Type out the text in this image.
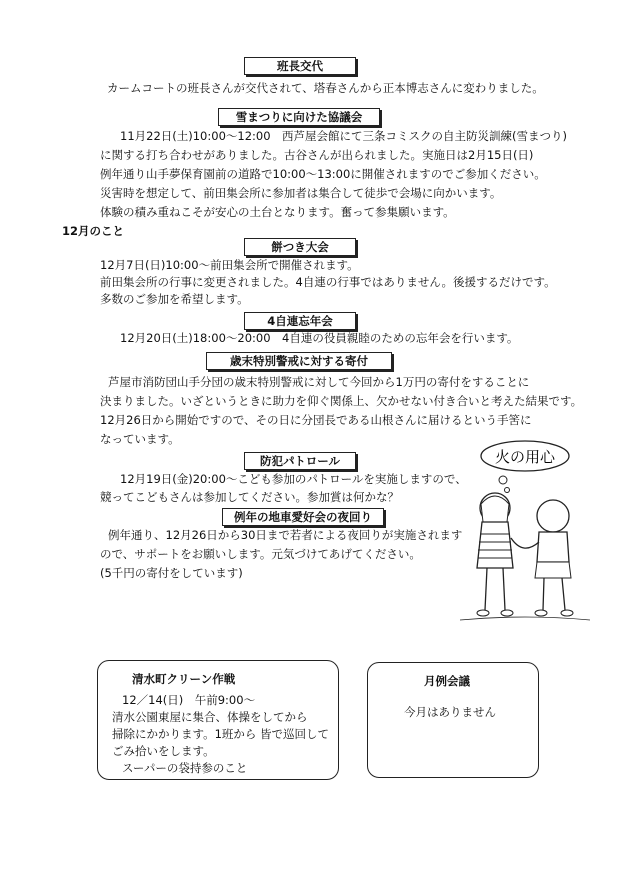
班長交代
カームコートの班長さんが交代されて、塔春さんから正本博志さんに変わりました。
雪まつりに向けた協議会
11月22日(土)10:00～12:00　西芦屋会館にて三条コミスクの自主防災訓練(雪まつり)
に関する打ち合わせがありました。古谷さんが出られました。実施日は2月15日(日)
例年通り山手夢保育園前の道路で10:00～13:00に開催されますのでご参加ください。
災害時を想定して、前田集会所に参加者は集合して徒歩で会場に向かいます。
体験の積み重ねこそが安心の土台となります。奮って参集願います。
12月のこと
餅つき大会
12月7日(日)10:00～前田集会所で開催されます。
前田集会所の行事に変更されました。4自連の行事ではありません。後援するだけです。
多数のご参加を希望します。
4自連忘年会
12月20日(土)18:00～20:00　4自連の役員親睦のための忘年会を行います。
歳末特別警戒に対する寄付
芦屋市消防団山手分団の歳末特別警戒に対して今回から1万円の寄付をすることに
決まりました。いざというときに助力を仰ぐ関係上、欠かせない付き合いと考えた結果です。
12月26日から開始ですので、その日に分団長である山根さんに届けるという手筈に
なっています。
防犯パトロール
12月19日(金)20:00～こども参加のパトロールを実施しますので、
競ってこどもさんは参加してください。参加賞は何かな？
例年の地車愛好会の夜回り
例年通り、12月26日から30日まで若者による夜回りが実施されます
ので、サポートをお願いします。元気づけてあげてください。
(5千円の寄付をしています)
火の用心
清水町クリーン作戦
12／14(日)　午前9:00～
清水公園東屋に集合、体操をしてから
掃除にかかります。1班から 皆で巡回して
ごみ拾いをします。
スーパーの袋持参のこと
月例会議
今月はありません
